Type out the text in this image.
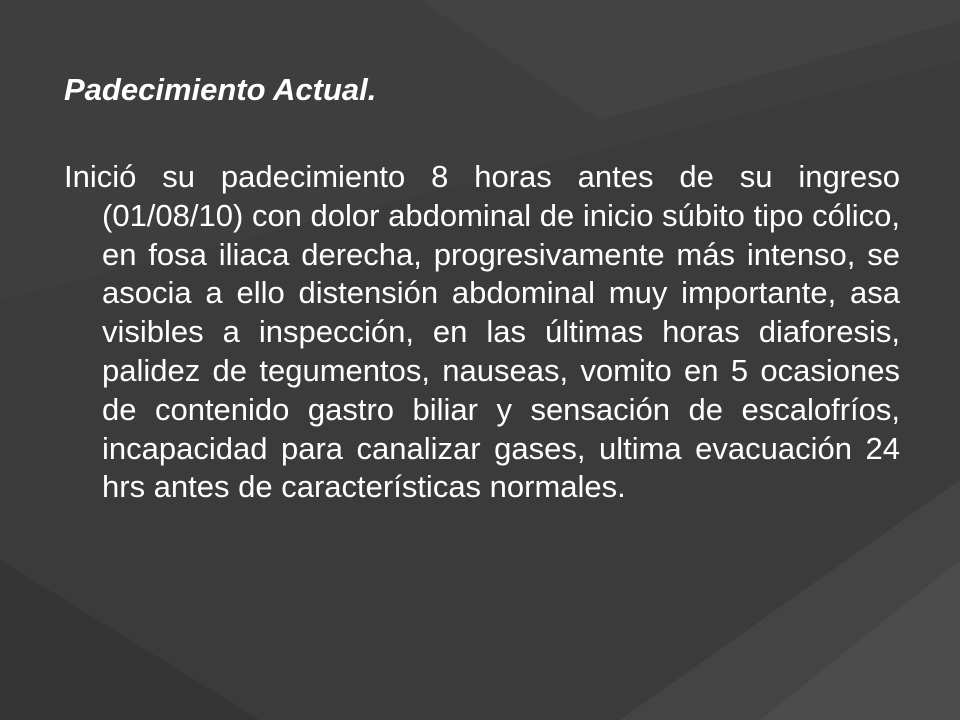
Padecimiento Actual.

Inició su padecimiento 8 horas antes de su ingreso (01/08/10) con dolor abdominal de inicio súbito tipo cólico, en fosa iliaca derecha, progresivamente más intenso, se asocia a ello distensión abdominal muy importante, asa visibles a inspección, en las últimas horas diaforesis, palidez de tegumentos, nauseas, vomito en 5 ocasiones de contenido gastro biliar y sensación de escalofríos, incapacidad para canalizar gases, ultima evacuación 24 hrs antes de características normales.
